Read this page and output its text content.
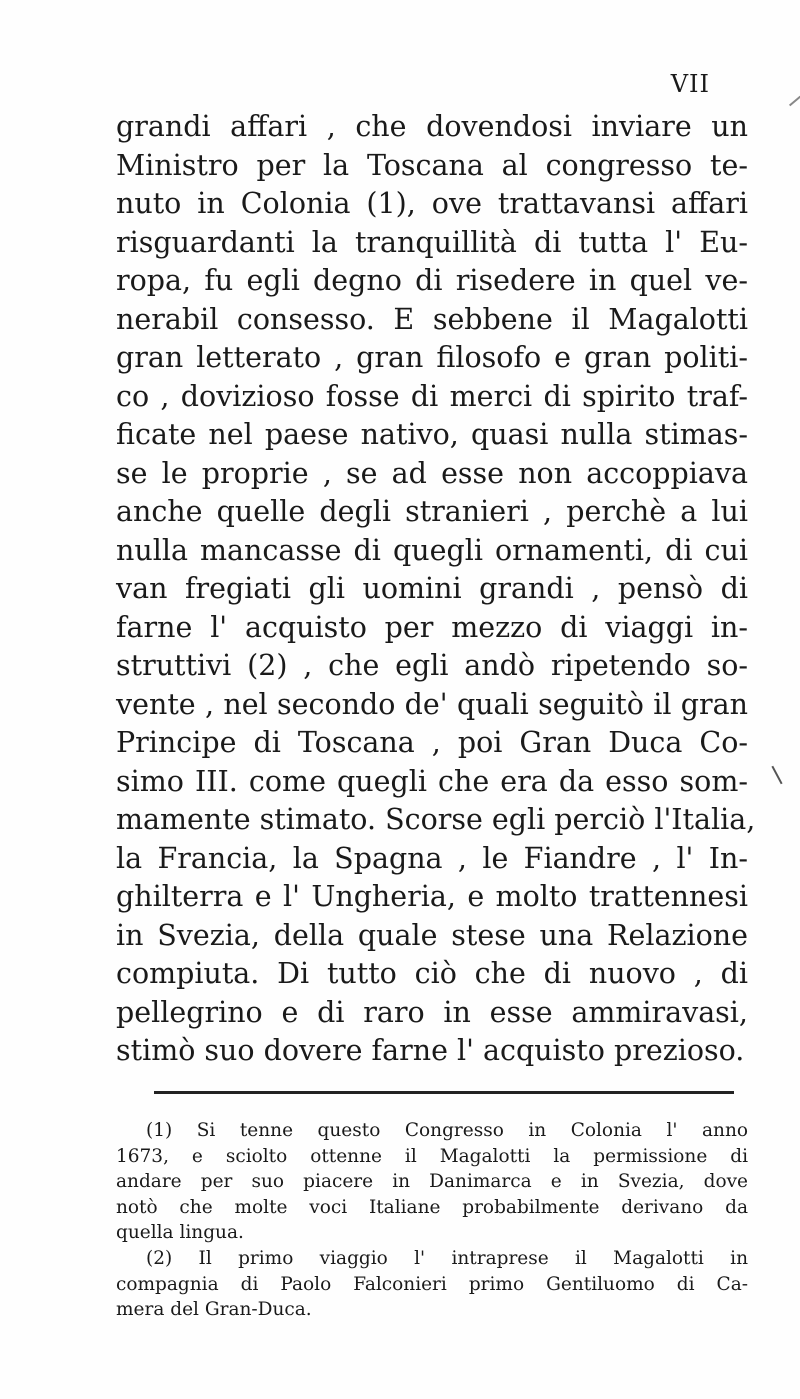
VII
grandi affari , che dovendosi inviare un
Ministro per la Toscana al congresso te-
nuto in Colonia (1), ove trattavansi affari
risguardanti la tranquillità di tutta l' Eu-
ropa, fu egli degno di risedere in quel ve-
nerabil consesso. E sebbene il Magalotti
gran letterato , gran filosofo e gran politi-
co , dovizioso fosse di merci di spirito traf-
ficate nel paese nativo, quasi nulla stimas-
se le proprie , se ad esse non accoppiava
anche quelle degli stranieri , perchè a lui
nulla mancasse di quegli ornamenti, di cui
van fregiati gli uomini grandi , pensò di
farne l' acquisto per mezzo di viaggi in-
struttivi (2) , che egli andò ripetendo so-
vente , nel secondo de' quali seguitò il gran
Principe di Toscana , poi Gran Duca Co-
simo III. come quegli che era da esso som-
mamente stimato. Scorse egli perciò l'Italia,
la Francia, la Spagna , le Fiandre , l' In-
ghilterra e l' Ungheria, e molto trattennesi
in Svezia, della quale stese una Relazione
compiuta. Di tutto ciò che di nuovo , di
pellegrino e di raro in esse ammiravasi,
stimò suo dovere farne l' acquisto prezioso.
(1) Si tenne questo Congresso in Colonia l' anno
1673, e sciolto ottenne il Magalotti la permissione di
andare per suo piacere in Danimarca e in Svezia, dove
notò che molte voci Italiane probabilmente derivano da
quella lingua.
(2) Il primo viaggio l' intraprese il Magalotti in
compagnia di Paolo Falconieri primo Gentiluomo di Ca-
mera del Gran-Duca.
